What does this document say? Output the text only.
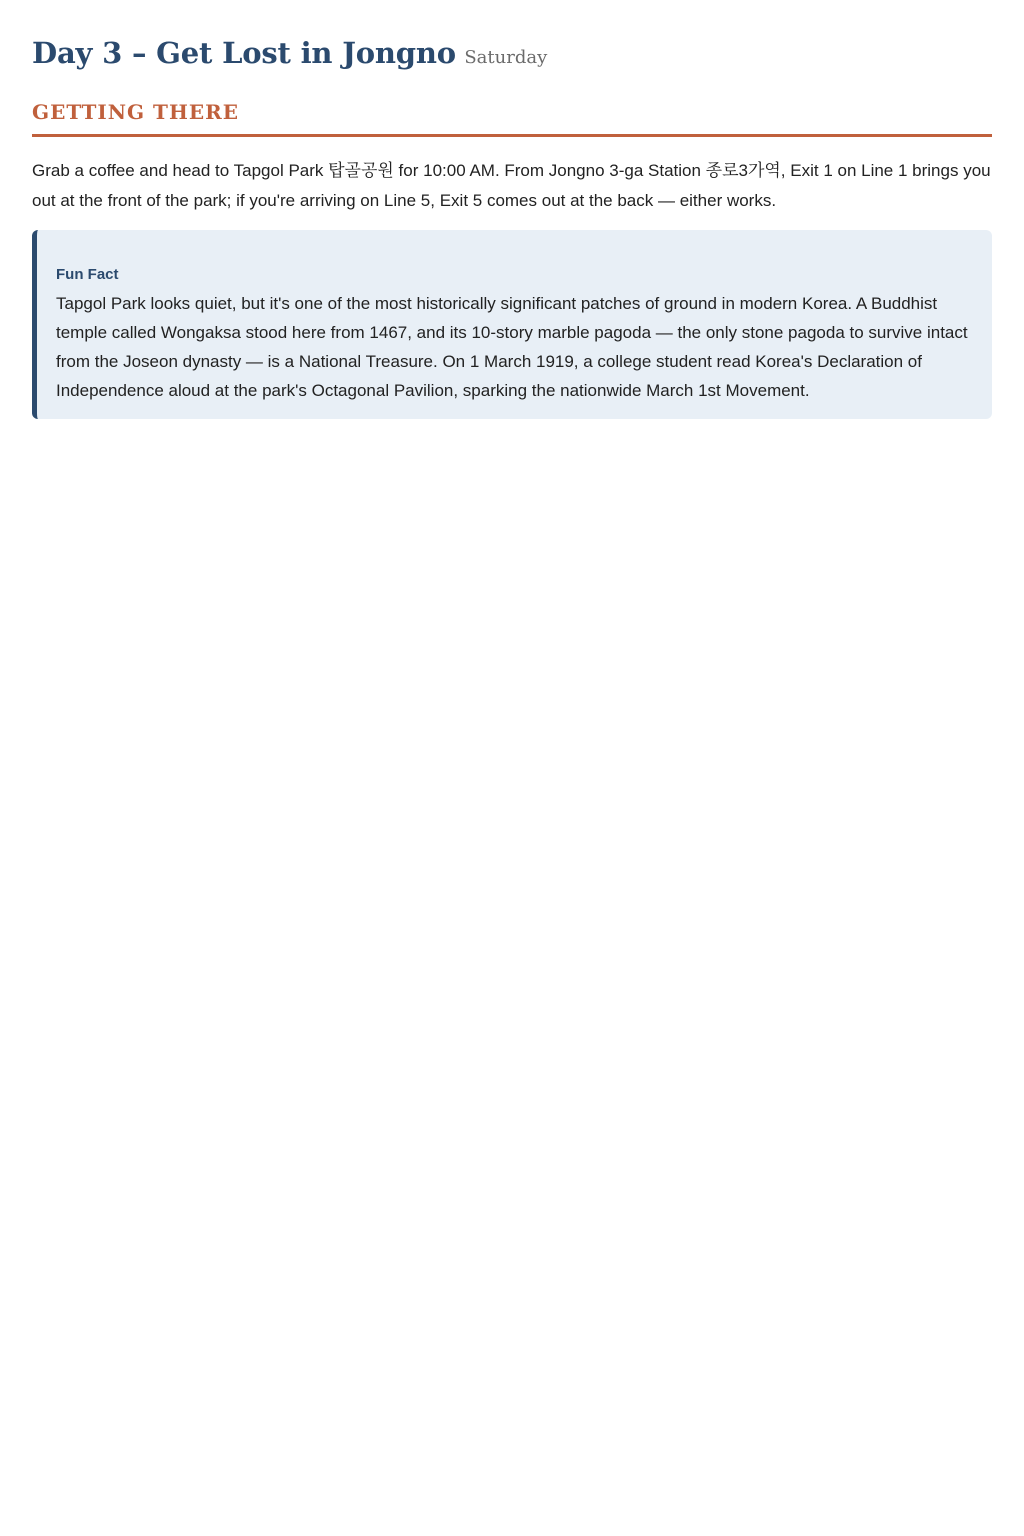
Day 3 – Get Lost in Jongno Saturday
GETTING THERE

Grab a coffee and head to Tapgol Park 탑골공원 for 10:00 AM. From Jongno 3-ga Station 종로3가역, Exit 1 on Line 1 brings you out at the front of the park; if you're arriving on Line 5, Exit 5 comes out at the back — either works.

Fun Fact

Tapgol Park looks quiet, but it's one of the most historically significant patches of ground in modern Korea. A Buddhist temple called Wongaksa stood here from 1467, and its 10-story marble pagoda — the only stone pagoda to survive intact from the Joseon dynasty — is a National Treasure. On 1 March 1919, a college student read Korea's Declaration of Independence aloud at the park's Octagonal Pavilion, sparking the nationwide March 1st Movement.
